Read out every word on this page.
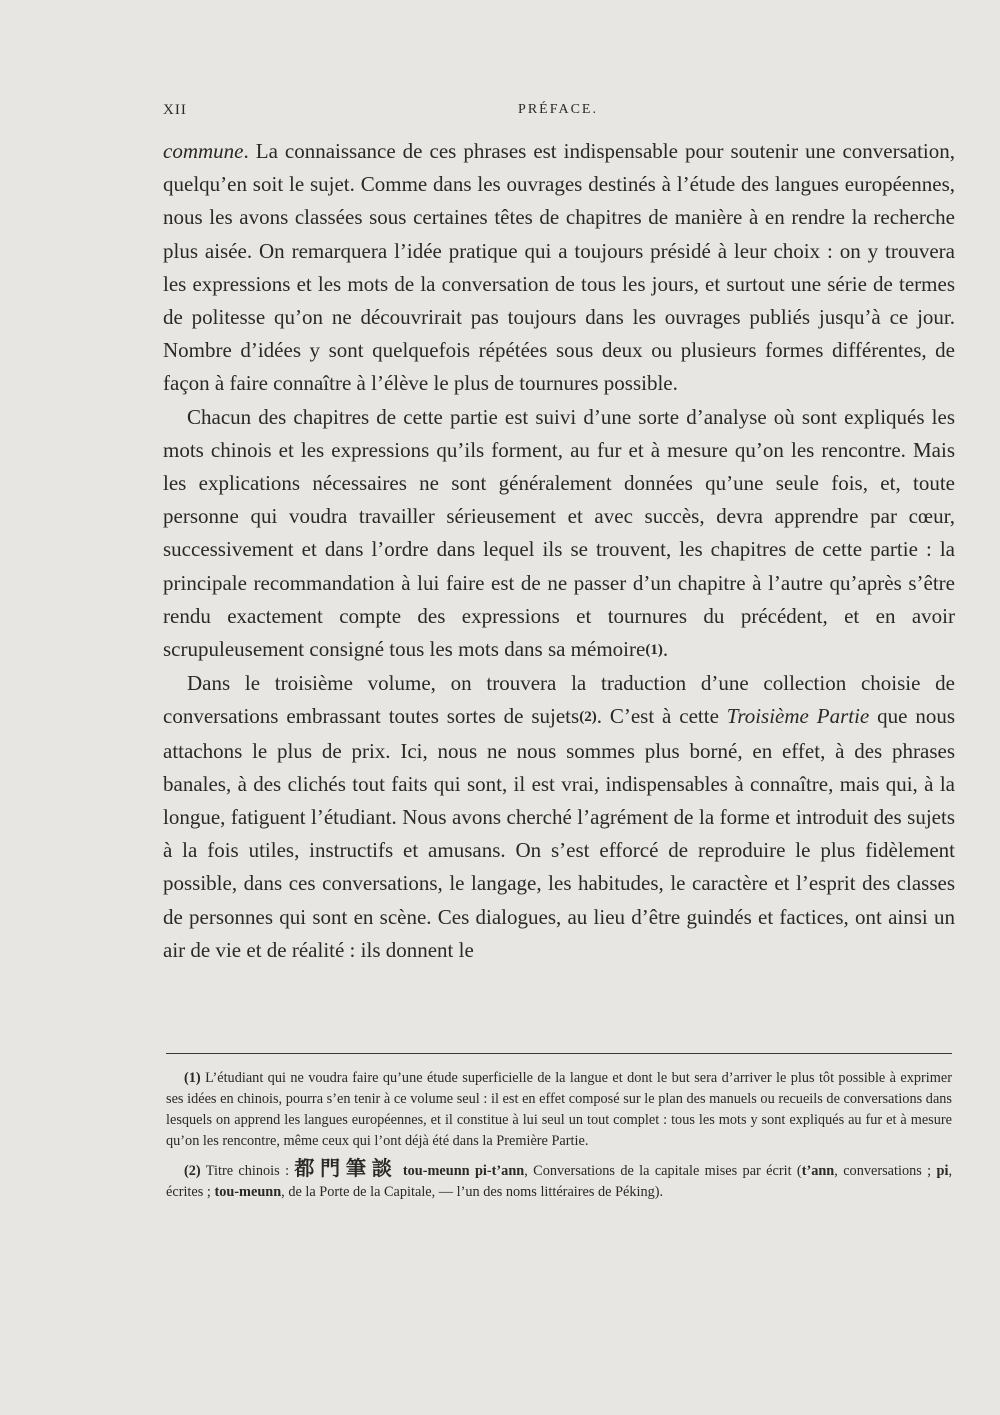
XII	PRÉFACE.

commune. La connaissance de ces phrases est indispensable pour soutenir une conversation, quelqu’en soit le sujet. Comme dans les ouvrages destinés à l’étude des langues européennes, nous les avons classées sous certaines têtes de chapitres de manière à en rendre la recherche plus aisée. On remarquera l’idée pratique qui a toujours présidé à leur choix : on y trouvera les expressions et les mots de la conversation de tous les jours, et surtout une série de termes de politesse qu’on ne découvrirait pas toujours dans les ouvrages publiés jusqu’à ce jour. Nombre d’idées y sont quelquefois répétées sous deux ou plusieurs formes différentes, de façon à faire connaître à l’élève le plus de tournures possible.

Chacun des chapitres de cette partie est suivi d’une sorte d’analyse où sont expliqués les mots chinois et les expressions qu’ils forment, au fur et à mesure qu’on les rencontre. Mais les explications nécessaires ne sont généralement données qu’une seule fois, et, toute personne qui voudra travailler sérieusement et avec succès, devra apprendre par cœur, successivement et dans l’ordre dans lequel ils se trouvent, les chapitres de cette partie : la principale recommandation à lui faire est de ne passer d’un chapitre à l’autre qu’après s’être rendu exactement compte des expressions et tournures du précédent, et en avoir scrupuleusement consigné tous les mots dans sa mémoire(1).

Dans le troisième volume, on trouvera la traduction d’une collection choisie de conversations embrassant toutes sortes de sujets(2). C’est à cette Troisième Partie que nous attachons le plus de prix. Ici, nous ne nous sommes plus borné, en effet, à des phrases banales, à des clichés tout faits qui sont, il est vrai, indispensables à connaître, mais qui, à la longue, fatiguent l’étudiant. Nous avons cherché l’agrément de la forme et introduit des sujets à la fois utiles, instructifs et amusans. On s’est efforcé de reproduire le plus fidèlement possible, dans ces conversations, le langage, les habitudes, le caractère et l’esprit des classes de personnes qui sont en scène. Ces dialogues, au lieu d’être guindés et factices, ont ainsi un air de vie et de réalité : ils donnent le

(1) L’étudiant qui ne voudra faire qu’une étude superficielle de la langue et dont le but sera d’arriver le plus tôt possible à exprimer ses idées en chinois, pourra s’en tenir à ce volume seul : il est en effet composé sur le plan des manuels ou recueils de conversations dans lesquels on apprend les langues européennes, et il constitue à lui seul un tout complet : tous les mots y sont expliqués au fur et à mesure qu’on les rencontre, même ceux qui l’ont déjà été dans la Première Partie.

(2) Titre chinois : 都門筆談 tou-meunn pi-t’ann, Conversations de la capitale mises par écrit (t’ann, conversations ; pi, écrites ; tou-meunn, de la Porte de la Capitale, — l’un des noms littéraires de Péking).
